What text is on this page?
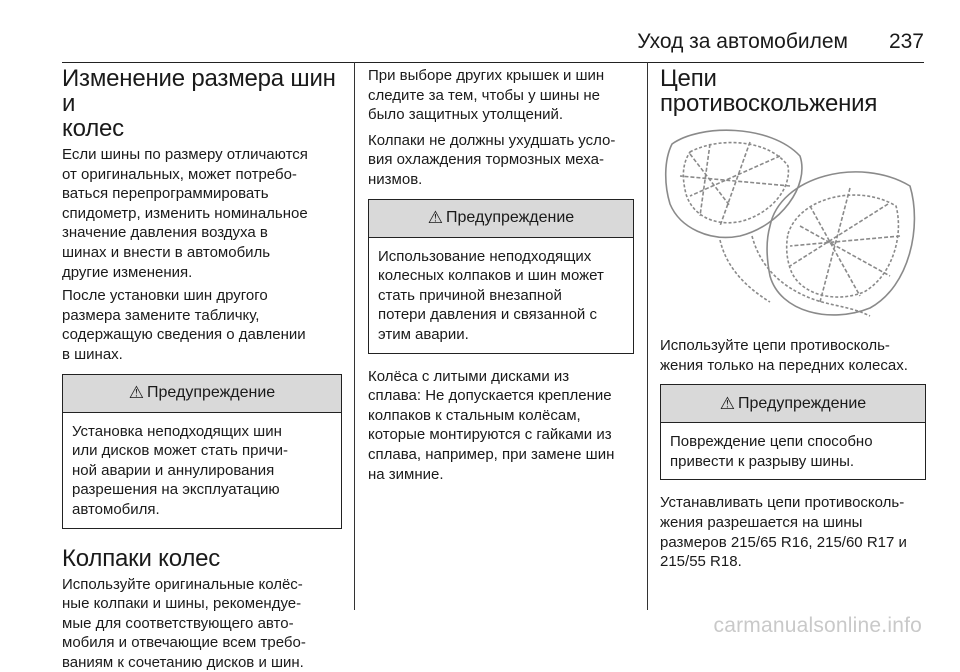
Уход за автомобилем 237
Изменение размера шин и
колес

Если шины по размеру отличаются
от оригинальных, может потребо‐
ваться перепрограммировать
спидометр, изменить номинальное
значение давления воздуха в
шинах и внести в автомобиль
другие изменения.

После установки шин другого
размера замените табличку,
содержащую сведения о давлении
в шинах.

⚠ Предупреждение

Установка неподходящих шин
или дисков может стать причи‐
ной аварии и аннулирования
разрешения на эксплуатацию
автомобиля.

Колпаки колес

Используйте оригинальные колёс‐
ные колпаки и шины, рекомендуе‐
мые для соответствующего авто‐
мобиля и отвечающие всем требо‐
ваниям к сочетанию дисков и шин.

При выборе других крышек и шин
следите за тем, чтобы у шины не
было защитных утолщений.

Колпаки не должны ухудшать усло‐
вия охлаждения тормозных меха‐
низмов.

⚠ Предупреждение

Использование неподходящих
колесных колпаков и шин может
стать причиной внезапной
потери давления и связанной с
этим аварии.

Колёса с литыми дисками из
сплава: Не допускается крепление
колпаков к стальным колёсам,
которые монтируются с гайками из
сплава, например, при замене шин
на зимние.

Цепи противоскольжения

Используйте цепи противосколь‐
жения только на передних колесах.

⚠ Предупреждение

Повреждение цепи способно
привести к разрыву шины.

Устанавливать цепи противосколь‐
жения разрешается на шины
размеров 215/65 R16, 215/60 R17 и
215/55 R18.

carmanualsonline.info
